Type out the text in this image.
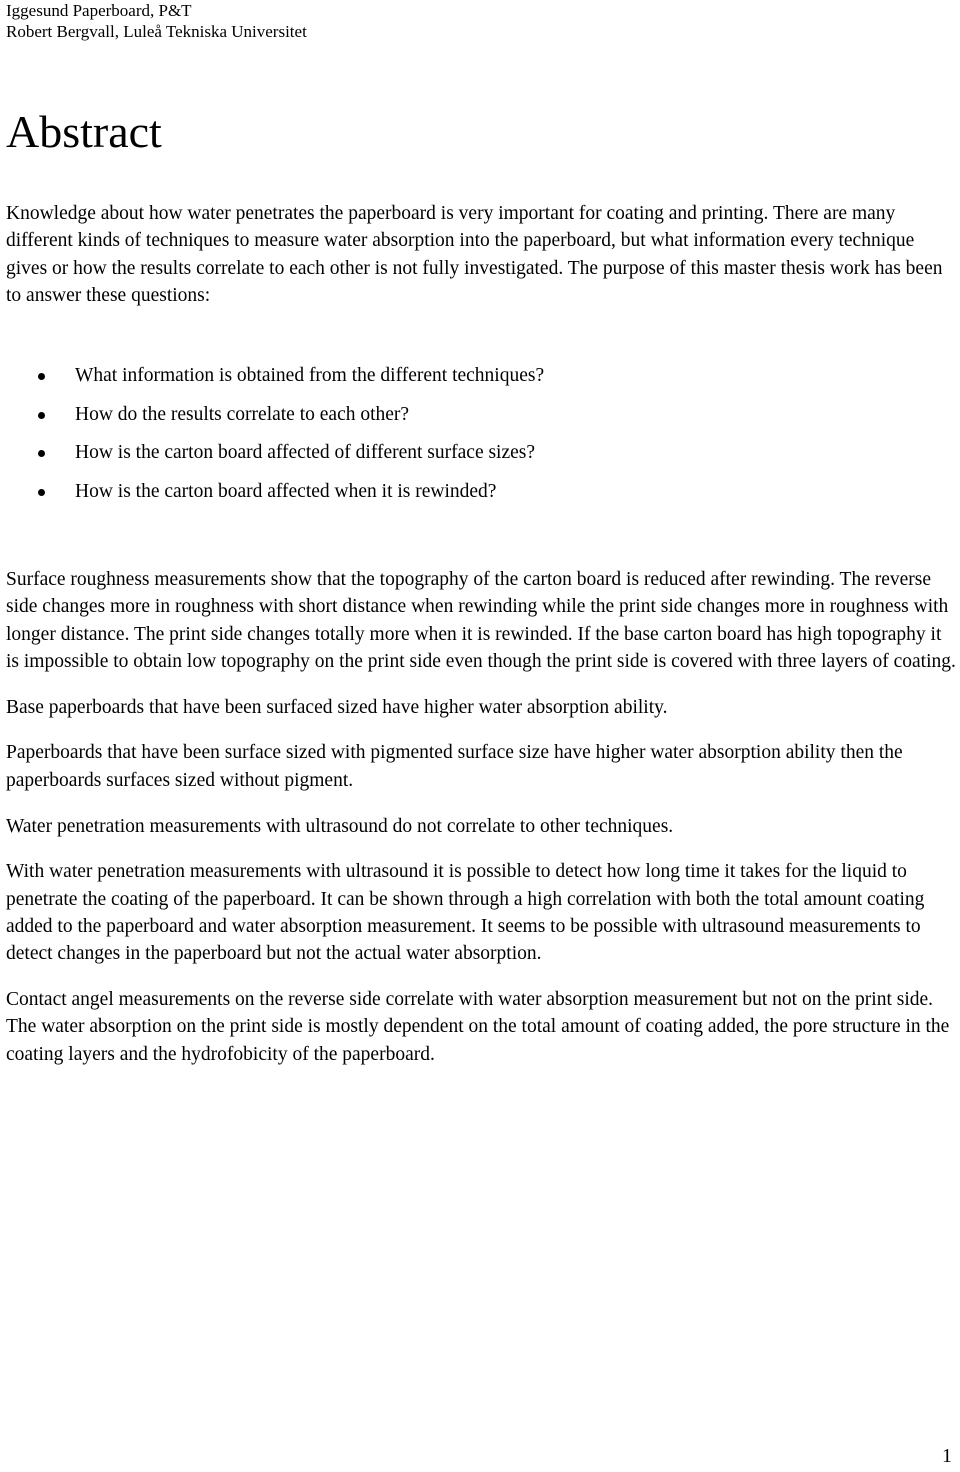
Iggesund Paperboard, P&T
Robert Bergvall, Luleå Tekniska Universitet
Abstract
Knowledge about how water penetrates the paperboard is very important for coating and printing. There are many different kinds of techniques to measure water absorption into the paperboard, but what information every technique gives or how the results correlate to each other is not fully investigated. The purpose of this master thesis work has been to answer these questions:
What information is obtained from the different techniques?
How do the results correlate to each other?
How is the carton board affected of different surface sizes?
How is the carton board affected when it is rewinded?

Surface roughness measurements show that the topography of the carton board is reduced after rewinding. The reverse side changes more in roughness with short distance when rewinding while the print side changes more in roughness with longer distance. The print side changes totally more when it is rewinded. If the base carton board has high topography it is impossible to obtain low topography on the print side even though the print side is covered with three layers of coating.

Base paperboards that have been surfaced sized have higher water absorption ability.

Paperboards that have been surface sized with pigmented surface size have higher water absorption ability then the paperboards surfaces sized without pigment.

Water penetration measurements with ultrasound do not correlate to other techniques.

With water penetration measurements with ultrasound it is possible to detect how long time it takes for the liquid to penetrate the coating of the paperboard. It can be shown through a high correlation with both the total amount coating added to the paperboard and water absorption measurement. It seems to be possible with ultrasound measurements to detect changes in the paperboard but not the actual water absorption.

Contact angel measurements on the reverse side correlate with water absorption measurement but not on the print side. The water absorption on the print side is mostly dependent on the total amount of coating added, the pore structure in the coating layers and the hydrofobicity of the paperboard.

1
